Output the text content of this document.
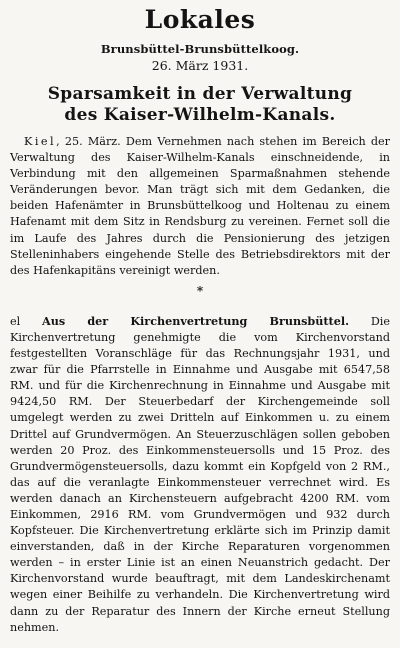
Lokales
Brunsbüttel-Brunsbüttelkoog.
26. März 1931.
Sparsamkeit in der Verwaltung
des Kaiser-Wilhelm-Kanals.

Kiel, 25. März. Dem Vernehmen nach stehen im Bereich der Verwaltung des Kaiser-Wilhelm-Kanals einschneidende, in Verbindung mit den allgemeinen Sparmaßnahmen stehende Veränderungen bevor. Man trägt sich mit dem Gedanken, die beiden Hafenämter in Brunsbüttelkoog und Holtenau zu einem Hafenamt mit dem Sitz in Rendsburg zu vereinen. Fernet soll die im Laufe des Jahres durch die Pensionierung des jetzigen Stelleninhabers eingehende Stelle des Betriebsdirektors mit der des Hafenkapitäns vereinigt werden.

*

el Aus der Kirchenvertretung Brunsbüttel. Die Kirchenvertretung genehmigte die vom Kirchenvorstand festgestellten Voranschläge für das Rechnungsjahr 1931, und zwar für die Pfarrstelle in Einnahme und Ausgabe mit 6547,58 RM. und für die Kirchenrechnung in Einnahme und Ausgabe mit 9424,50 RM. Der Steuerbedarf der Kirchengemeinde soll umgelegt werden zu zwei Dritteln auf Einkommen u. zu einem Drittel auf Grundvermögen. An Steuerzuschlägen sollen geboben werden 20 Proz. des Einkommensteuersolls und 15 Proz. des Grundvermögensteuersolls, dazu kommt ein Kopfgeld von 2 RM., das auf die veranlagte Einkommensteuer verrechnet wird. Es werden danach an Kirchensteuern aufgebracht 4200 RM. vom Einkommen, 2916 RM. vom Grundvermögen und 932 durch Kopfsteuer. Die Kirchenvertretung erklärte sich im Prinzip damit einverstanden, daß in der Kirche Reparaturen vorgenommen werden – in erster Linie ist an einen Neuanstrich gedacht. Der Kirchenvorstand wurde beauftragt, mit dem Landeskirchenamt wegen einer Beihilfe zu verhandeln. Die Kirchenvertretung wird dann zu der Reparatur des Innern der Kirche erneut Stellung nehmen.
